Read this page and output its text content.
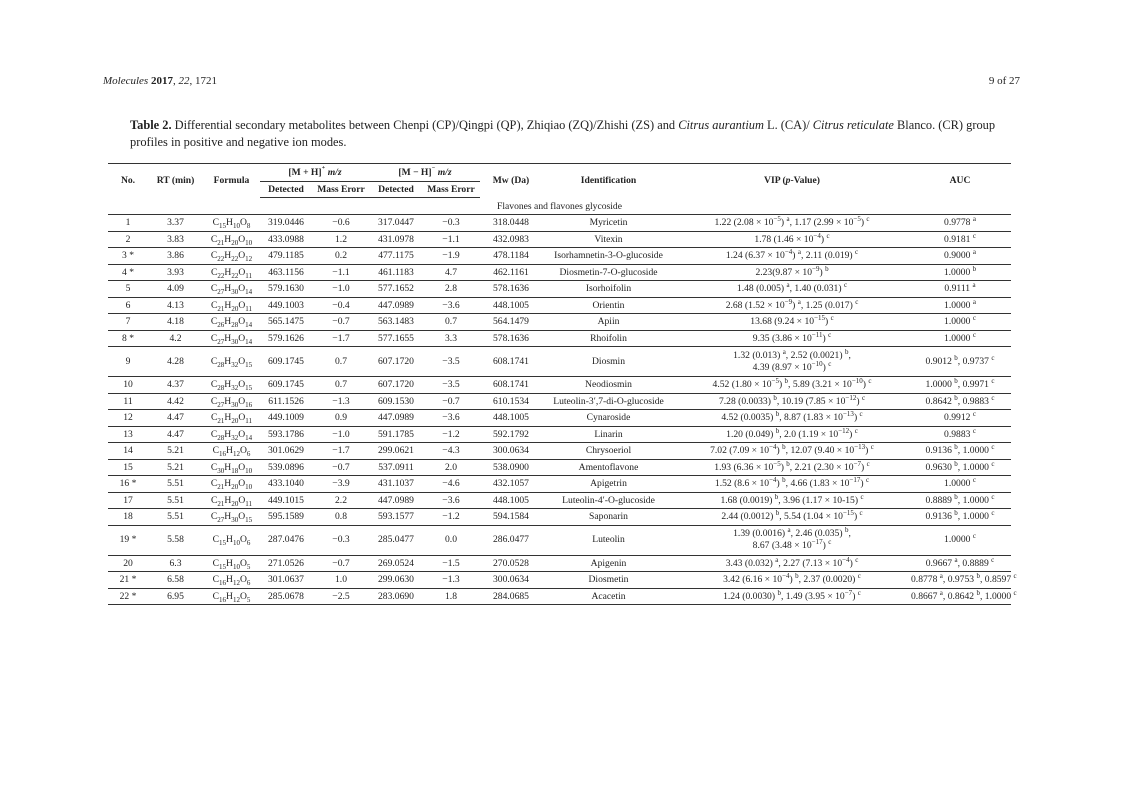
Molecules 2017, 22, 1721	9 of 27
Table 2. Differential secondary metabolites between Chenpi (CP)/Qingpi (QP), Zhiqiao (ZQ)/Zhishi (ZS) and Citrus aurantium L. (CA)/ Citrus reticulate Blanco. (CR) group profiles in positive and negative ion modes.
No.	RT (min)	Formula	[M + H]⁺ m/z		[M − H]⁻ m/z		Mw (Da)	Identification	VIP (p-Value)	AUC
			Detected	Mass Erorr	Detected	Mass Erorr				
Flavones and flavones glycoside										
1	3.37	$C_{15}H_{10}O_8$	319.0446	−0.6	317.0447	−0.3	318.0448	Myricetin	1.22 $(2.08 \times 10^{-5})$ $^a$, 1.17 $(2.99 \times 10^{-5})$ $^c$	0.9778 $^a$
2	3.83	$C_{21}H_{20}O_{10}$	433.0988	1.2	431.0978	−1.1	432.0983	Vitexin	1.78 $(1.46 \times 10^{-4})$ $^c$	0.9181 $^c$
3 *	3.86	$C_{22}H_{22}O_{12}$	479.1185	0.2	477.1175	−1.9	478.1184	Isorhamnetin-3-O-glucoside	1.24 $(6.37 \times 10^{-4})$ $^a$, 2.11 (0.019) $^c$	0.9000 $^a$
4 *	3.93	$C_{22}H_{22}O_{11}$	463.1156	−1.1	461.1183	4.7	462.1161	Diosmetin-7-O-glucoside	$2.23(9.87 \times 10^{-9})$ $^b$	1.0000 $^b$
5	4.09	$C_{27}H_{30}O_{14}$	579.1630	−1.0	577.1652	2.8	578.1636	Isorhoifolin	1.48 (0.005) $^a$, 1.40 (0.031) $^c$	0.9111 $^a$
6	4.13	$C_{21}H_{20}O_{11}$	449.1003	−0.4	447.0989	−3.6	448.1005	Orientin	2.68 $(1.52 \times 10^{-9})$ $^a$, 1.25 (0.017) $^c$	1.0000 $^a$
7	4.18	$C_{26}H_{28}O_{14}$	565.1475	−0.7	563.1483	0.7	564.1479	Apiin	13.68 $(9.24 \times 10^{-15})$ $^c$	1.0000 $^c$
8 *	4.2	$C_{27}H_{30}O_{14}$	579.1626	−1.7	577.1655	3.3	578.1636	Rhoifolin	9.35 $(3.86 \times 10^{-11})$ $^c$	1.0000 $^c$
9	4.28	$C_{28}H_{32}O_{15}$	609.1745	0.7	607.1720	−3.5	608.1741	Diosmin	1.32 (0.013) $^a$, 2.52 (0.0021) $^b$,
4.39 $(8.97 \times 10^{-10})$ $^c$	0.9012 $^b$, 0.9737 $^c$
10	4.37	$C_{28}H_{32}O_{15}$	609.1745	0.7	607.1720	−3.5	608.1741	Neodiosmin	4.52 $(1.80 \times 10^{-5})$ $^b$, 5.89 $(3.21 \times 10^{-10})$ $^c$	1.0000 $^b$, 0.9971 $^c$
11	4.42	$C_{27}H_{30}O_{16}$	611.1526	−1.3	609.1530	−0.7	610.1534	Luteolin-3′,7-di-O-glucoside	7.28 (0.0033) $^b$, 10.19 $(7.85 \times 10^{-12})$ $^c$	0.8642 $^b$, 0.9883 $^c$
12	4.47	$C_{21}H_{20}O_{11}$	449.1009	0.9	447.0989	−3.6	448.1005	Cynaroside	4.52 (0.0035) $^b$, 8.87 $(1.83 \times 10^{-13})$ $^c$	0.9912 $^c$
13	4.47	$C_{28}H_{32}O_{14}$	593.1786	−1.0	591.1785	−1.2	592.1792	Linarin	1.20 (0.049) $^b$, 2.0 $(1.19 \times 10^{-12})$ $^c$	0.9883 $^c$
14	5.21	$C_{16}H_{12}O_6$	301.0629	−1.7	299.0621	−4.3	300.0634	Chrysoeriol	7.02 $(7.09 \times 10^{-4})$ $^b$, 12.07 $(9.40 \times 10^{-13})$ $^c$	0.9136 $^b$, 1.0000 $^c$
15	5.21	$C_{30}H_{18}O_{10}$	539.0896	−0.7	537.0911	2.0	538.0900	Amentoflavone	1.93 $(6.36 \times 10^{-5})$ $^b$, 2.21 $(2.30 \times 10^{-7})$ $^c$	0.9630 $^b$, 1.0000 $^c$
16 *	5.51	$C_{21}H_{20}O_{10}$	433.1040	−3.9	431.1037	−4.6	432.1057	Apigetrin	1.52 $(8.6 \times 10^{-4})$ $^b$, 4.66 $(1.83 \times 10^{-17})$ $^c$	1.0000 $^c$
17	5.51	$C_{21}H_{20}O_{11}$	449.1015	2.2	447.0989	−3.6	448.1005	Luteolin-4′-O-glucoside	1.68 (0.0019) $^b$, 3.96 (1.17 × 10-15) $^c$	0.8889 $^b$, 1.0000 $^c$
18	5.51	$C_{27}H_{30}O_{15}$	595.1589	0.8	593.1577	−1.2	594.1584	Saponarin	2.44 (0.0012) $^b$, 5.54 $(1.04 \times 10^{-15})$ $^c$	0.9136 $^b$, 1.0000 $^c$
19 *	5.58	$C_{15}H_{10}O_6$	287.0476	−0.3	285.0477	0.0	286.0477	Luteolin	1.39 (0.0016) $^a$, 2.46 (0.035) $^b$,
8.67 $(3.48 \times 10^{-17})$ $^c$	1.0000 $^c$
20	6.3	$C_{15}H_{10}O_5$	271.0526	−0.7	269.0524	−1.5	270.0528	Apigenin	3.43 (0.032) $^a$, 2.27 $(7.13 \times 10^{-4})$ $^c$	0.9667 $^a$, 0.8889 $^c$
21 *	6.58	$C_{16}H_{12}O_6$	301.0637	1.0	299.0630	−1.3	300.0634	Diosmetin	3.42 $(6.16 \times 10^{-4})$ $^b$, 2.37 (0.0020) $^c$	0.8778 $^a$, 0.9753 $^b$, 0.8597 $^c$
22 *	6.95	$C_{16}H_{12}O_5$	285.0678	−2.5	283.0690	1.8	284.0685	Acacetin	1.24 (0.0030) $^b$, 1.49 $(3.95 \times 10^{-7})$ $^c$	0.8667 $^a$, 0.8642 $^b$, 1.0000 $^c$
